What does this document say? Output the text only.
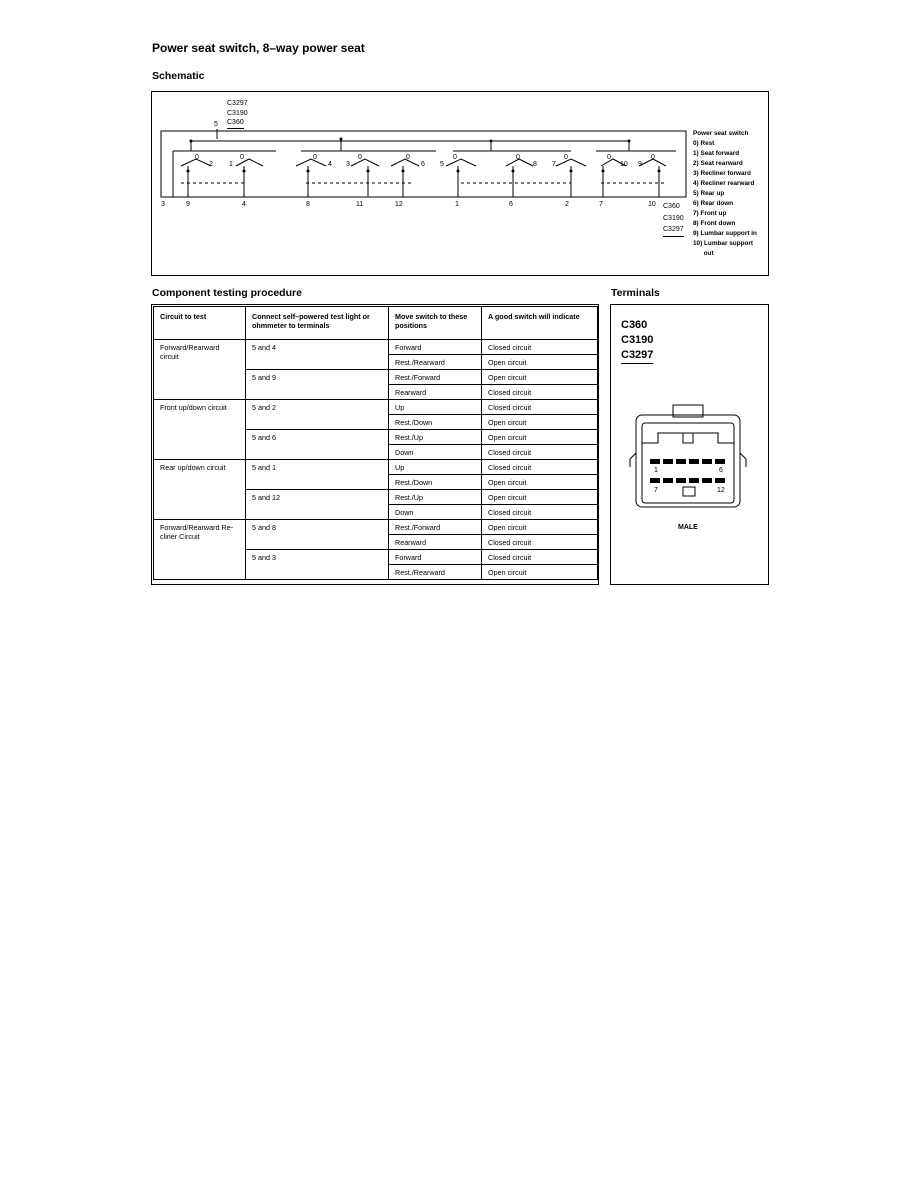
Power seat switch, 8–way power seat
Schematic
C3297
C3190
C360
5
0
2 1
0	0
4 3
0	0
6 5
0	0
8 7
0	0
10 9
0
3	9	4	8	11	12	1	6	2	7	10 C360
C3190
C3297
Power seat switch
0) Rest
1) Seat forward
2) Seat rearward
3) Recliner forward
4) Recliner rearward
5) Rear up
6) Rear down
7) Front up
8) Front down
9) Lumbar support in
10) Lumbar support
out
Component testing procedure	Terminals
Circuit to test	Connect self–powered test light or ohmmeter to terminals	Move switch to these positions	A good switch will indicate
Forward/Rearward circuit	5 and 4	Forward	Closed circuit
		Rest./Rearward	Open circuit
	5 and 9	Rest./Forward	Open circuit
		Rearward	Closed circuit
Front up/down circuit	5 and 2	Up	Closed circuit
		Rest./Down	Open circuit
	5 and 6	Rest./Up	Open circuit
		Down	Closed circuit
Rear up/down circuit	5 and 1	Up	Closed circuit
		Rest./Down	Open circuit
	5 and 12	Rest./Up	Open circuit
		Down	Closed circuit
Forward/Rearward Re- cliner Circuit	5 and 8	Rest./Forward	Open circuit
		Rearward	Closed circuit
	5 and 3	Forward	Closed circuit
		Rest./Rearward	Open circuit
C360
C3190
C3297
1	6
7	12
MALE
